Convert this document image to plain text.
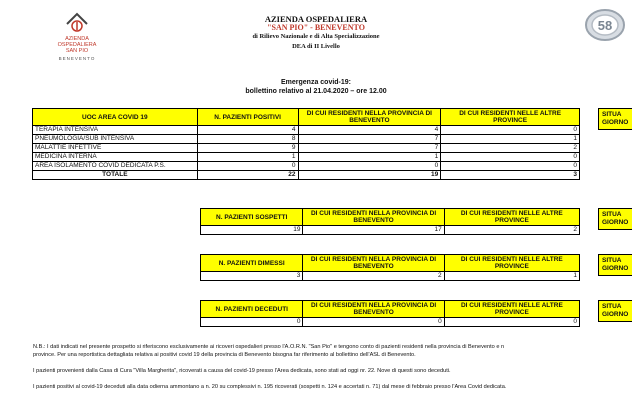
AZIENDA
OSPEDALIERA
SAN PIO
BENEVENTO
AZIENDA OSPEDALIERA
"SAN PIO" - BENEVENTO
di Rilievo Nazionale e di Alta Specializzazione
DEA di II Livello
58
Emergenza covid-19:
bollettino relativo al 21.04.2020 – ore 12.00
UOC AREA COVID 19	N. PAZIENTI POSITIVI	DI CUI RESIDENTI NELLA PROVINCIA DI BENEVENTO	DI CUI RESIDENTI NELLE ALTRE PROVINCE
TERAPIA INTENSIVA	4	4	0
PNEUMOLOGIA/SUB INTENSIVA	8	7	1
MALATTIE INFETTIVE	9	7	2
MEDICINA INTERNA	1	1	0
AREA ISOLAMENTO COVID DEDICATA P.S.	0	0	0
TOTALE	22	19	3
N. PAZIENTI SOSPETTI	DI CUI RESIDENTI NELLA PROVINCIA DI BENEVENTO	DI CUI RESIDENTI NELLE ALTRE PROVINCE
19	17	2
N. PAZIENTI DIMESSI	DI CUI RESIDENTI NELLA PROVINCIA DI BENEVENTO	DI CUI RESIDENTI NELLE ALTRE PROVINCE
3	2	1
N. PAZIENTI DECEDUTI	DI CUI RESIDENTI NELLA PROVINCIA DI BENEVENTO	DI CUI RESIDENTI NELLE ALTRE PROVINCE
0	0	0
SITUA
GIORNO
SITUA
GIORNO
SITUA
GIORNO
SITUA
GIORNO
N.B.: I dati indicati nel presente prospetto si riferiscono esclusivamente ai ricoveri ospedalieri presso l'A.O.R.N. "San Pio" e tengono conto di pazienti residenti nella provincia di Benevento e n
province. Per una reportistica dettagliata relativa ai positivi covid 19 della provincia di Benevento bisogna far riferimento al bollettino dell'ASL di Benevento.
I pazienti provenienti dalla Casa di Cura "Villa Margherita", ricoverati a causa del covid-19 presso l'Area dedicata, sono stati ad oggi nr. 22. Nove di questi sono deceduti.
I pazienti positivi al covid-19 deceduti alla data odierna ammontano a n. 20 su complessivi n. 195 ricoverati (sospetti n. 124 e accertati n. 71) dal mese di febbraio presso l'Area Covid dedicata.
